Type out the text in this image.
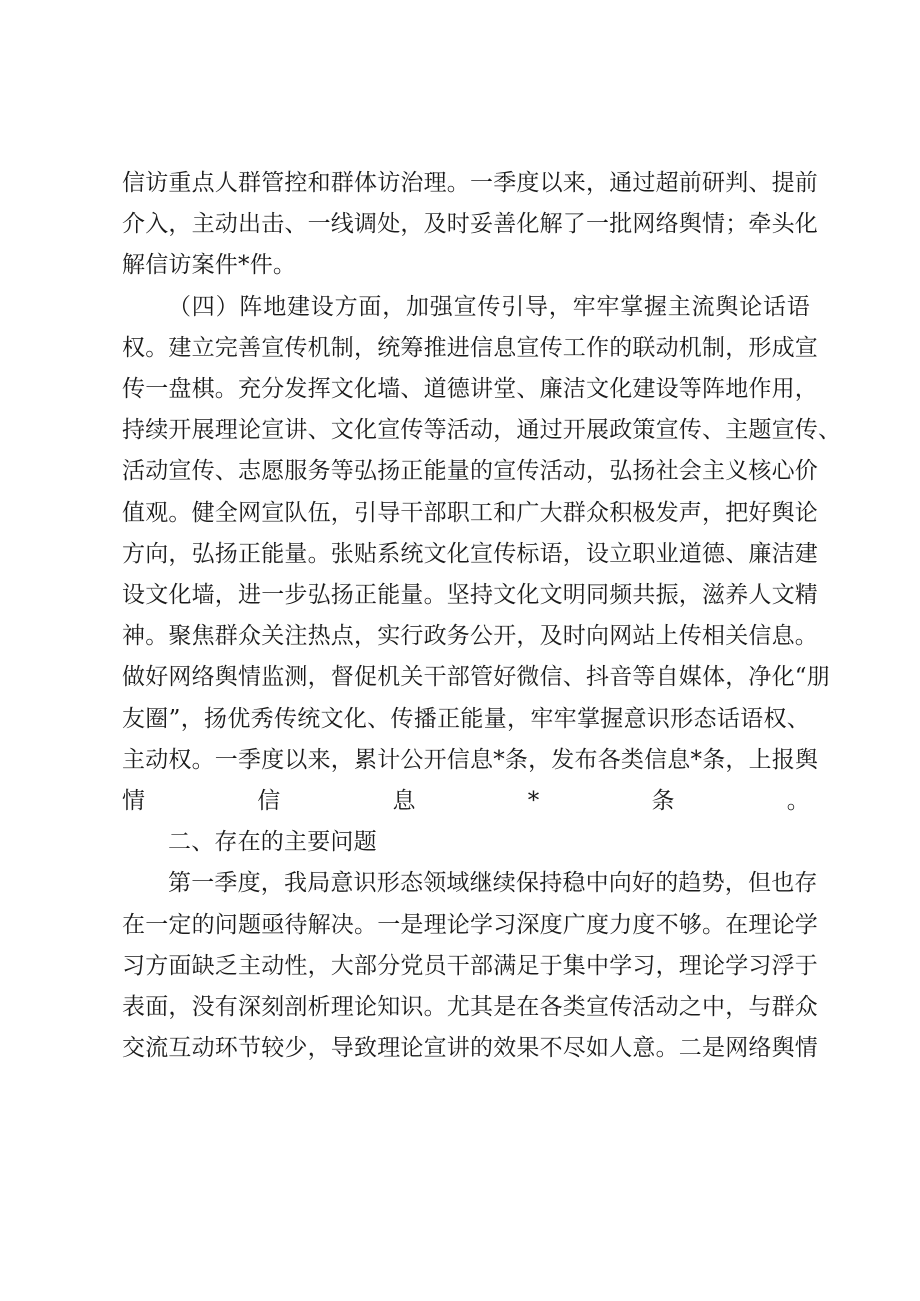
信访重点人群管控和群体访治理。一季度以来，通过超前研判、提前
介入，主动出击、一线调处，及时妥善化解了一批网络舆情；牵头化
解信访案件*件。
（四）阵地建设方面，加强宣传引导，牢牢掌握主流舆论话语
权。建立完善宣传机制，统筹推进信息宣传工作的联动机制，形成宣
传一盘棋。充分发挥文化墙、道德讲堂、廉洁文化建设等阵地作用，
持续开展理论宣讲、文化宣传等活动，通过开展政策宣传、主题宣传、
活动宣传、志愿服务等弘扬正能量的宣传活动，弘扬社会主义核心价
值观。健全网宣队伍，引导干部职工和广大群众积极发声，把好舆论
方向，弘扬正能量。张贴系统文化宣传标语，设立职业道德、廉洁建
设文化墙，进一步弘扬正能量。坚持文化文明同频共振，滋养人文精
神。聚焦群众关注热点，实行政务公开，及时向网站上传相关信息。
做好网络舆情监测，督促机关干部管好微信、抖音等自媒体，净化“朋
友圈”，扬优秀传统文化、传播正能量，牢牢掌握意识形态话语权、
主动权。一季度以来，累计公开信息*条，发布各类信息*条，上报舆
情信息*条。
二、存在的主要问题
第一季度，我局意识形态领域继续保持稳中向好的趋势，但也存
在一定的问题亟待解决。一是理论学习深度广度力度不够。在理论学
习方面缺乏主动性，大部分党员干部满足于集中学习，理论学习浮于
表面，没有深刻剖析理论知识。尤其是在各类宣传活动之中，与群众
交流互动环节较少，导致理论宣讲的效果不尽如人意。二是网络舆情
